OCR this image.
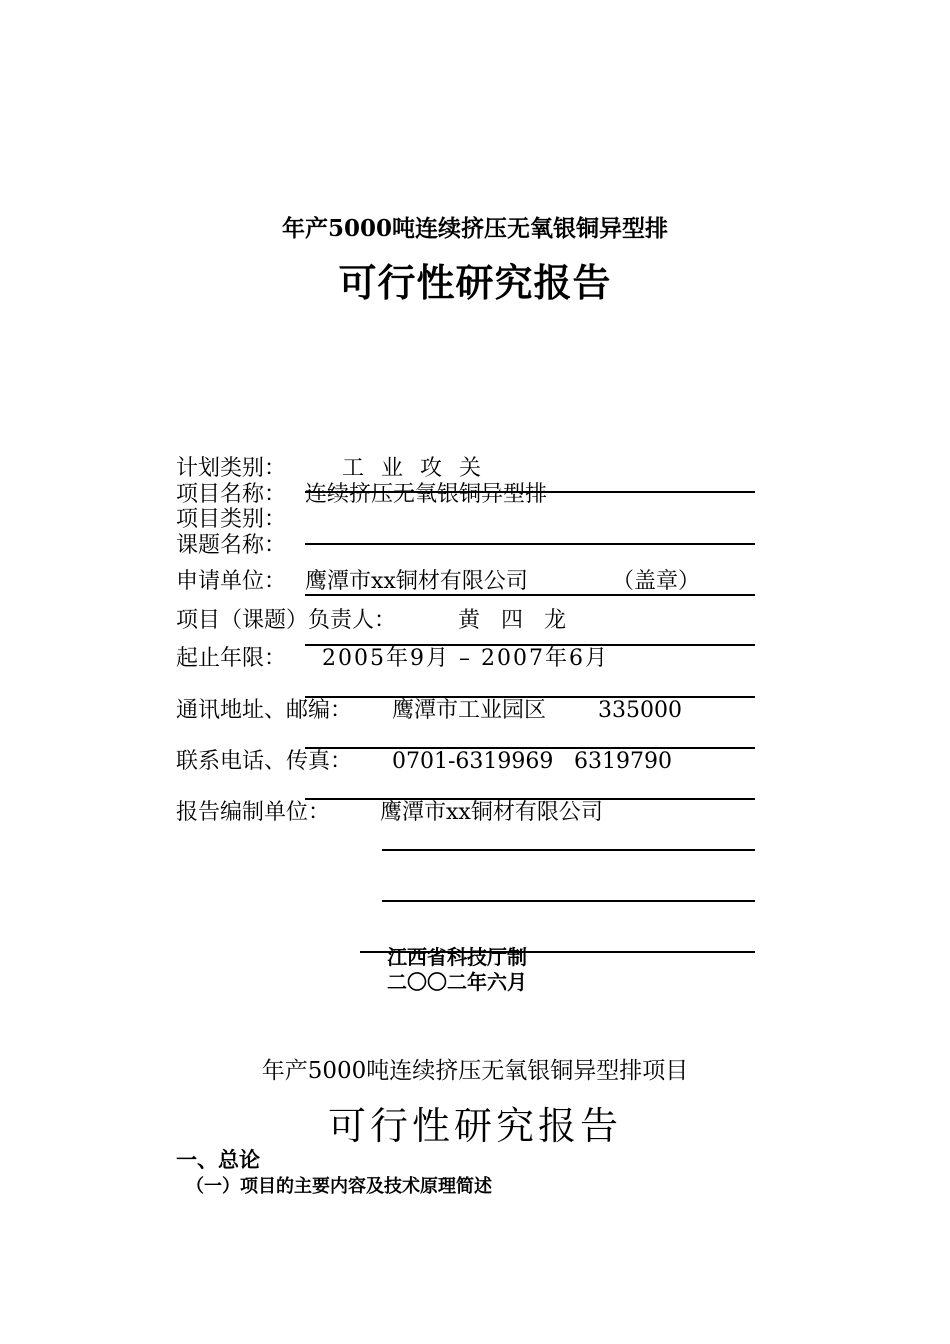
年产5000吨连续挤压无氧银铜异型排
可行性研究报告
计划类别：	工 业 攻 关
项目名称： 连续挤压无氧银铜异型排
项目类别：
课题名称：
申请单位： 鹰潭市xx铜材有限公司	（盖章）
项目（课题）负责人：	黄 四 龙
起止年限： 2005年9月 – 2007年6月
通讯地址、邮编： 鹰潭市工业园区 335000
联系电话、传真： 0701-6319969 6319790
报告编制单位： 鹰潭市xx铜材有限公司
江西省科技厅制
二〇〇二年六月
年产5000吨连续挤压无氧银铜异型排项目
可行性研究报告
一、总论
（一）项目的主要内容及技术原理简述
